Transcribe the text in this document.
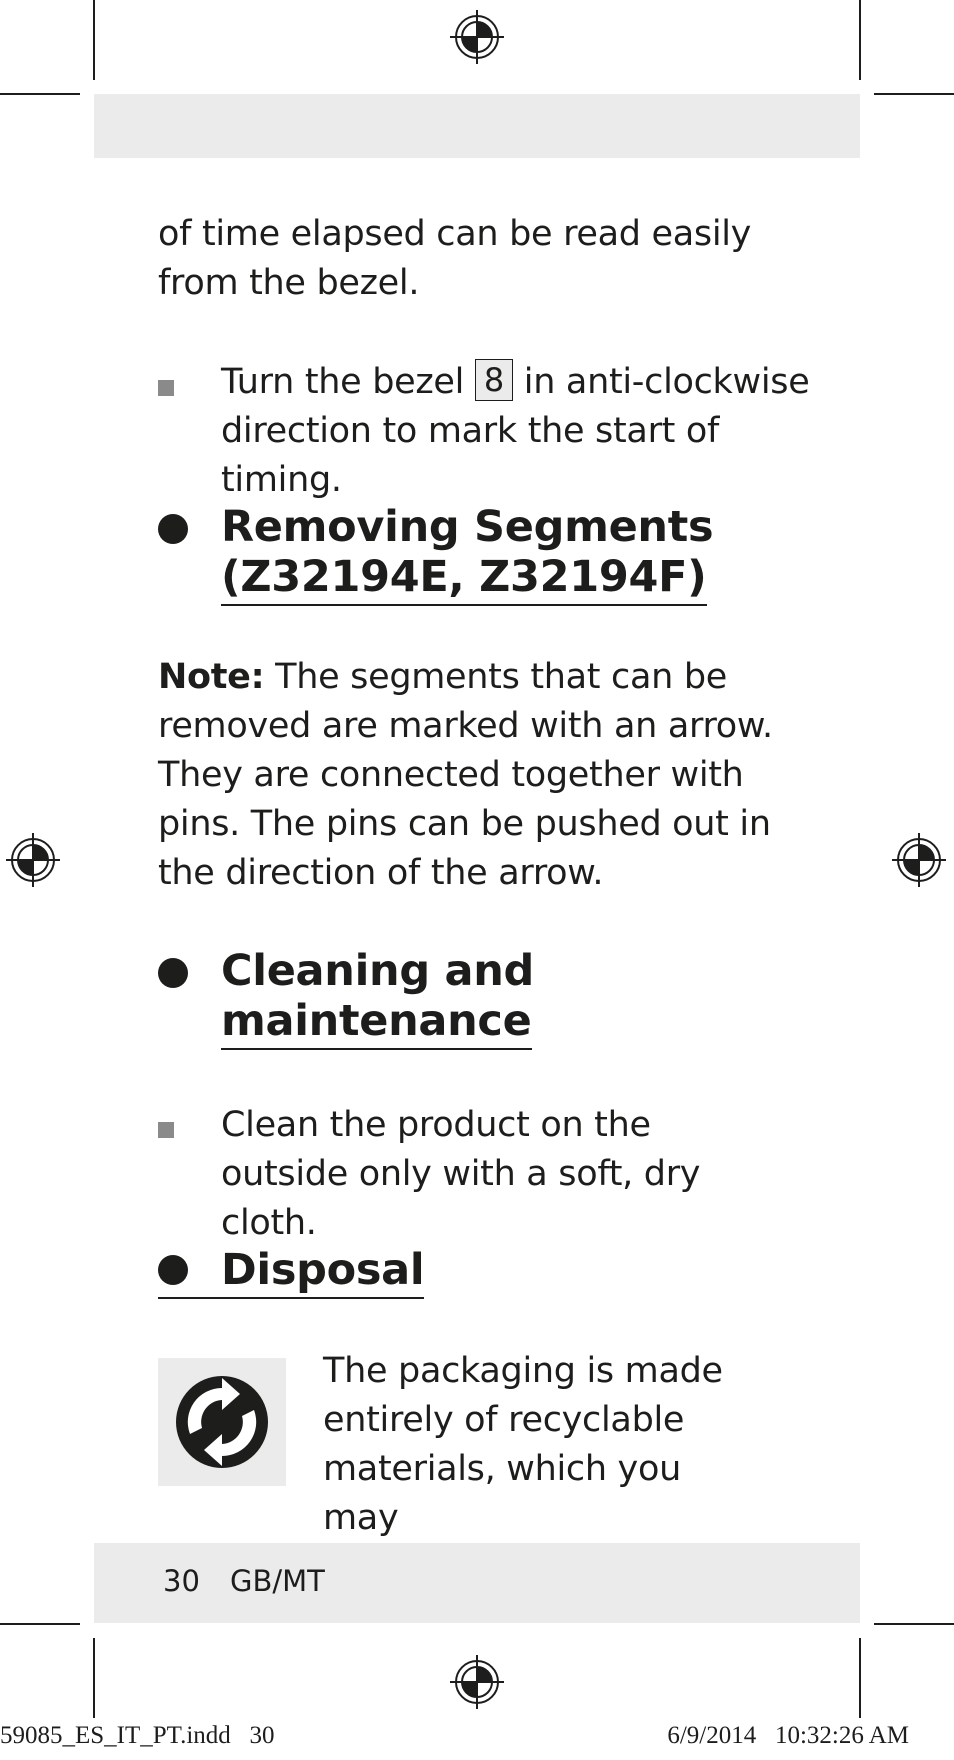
of time elapsed can be read easily from the bezel.
Turn the bezel 8 in anti-clockwise direction to mark the start of timing.
Removing Segments
(Z32194E, Z32194F)
Note: The segments that can be removed are marked with an arrow. They are connected together with pins. The pins can be pushed out in the direction of the arrow.
Cleaning and
maintenance
Clean the product on the outside only with a soft, dry cloth.
Disposal
The packaging is made entirely of recyclable materials, which you may
30 GB/MT
59085_ES_IT_PT.indd   30	6/9/2014   10:32:26 AM
